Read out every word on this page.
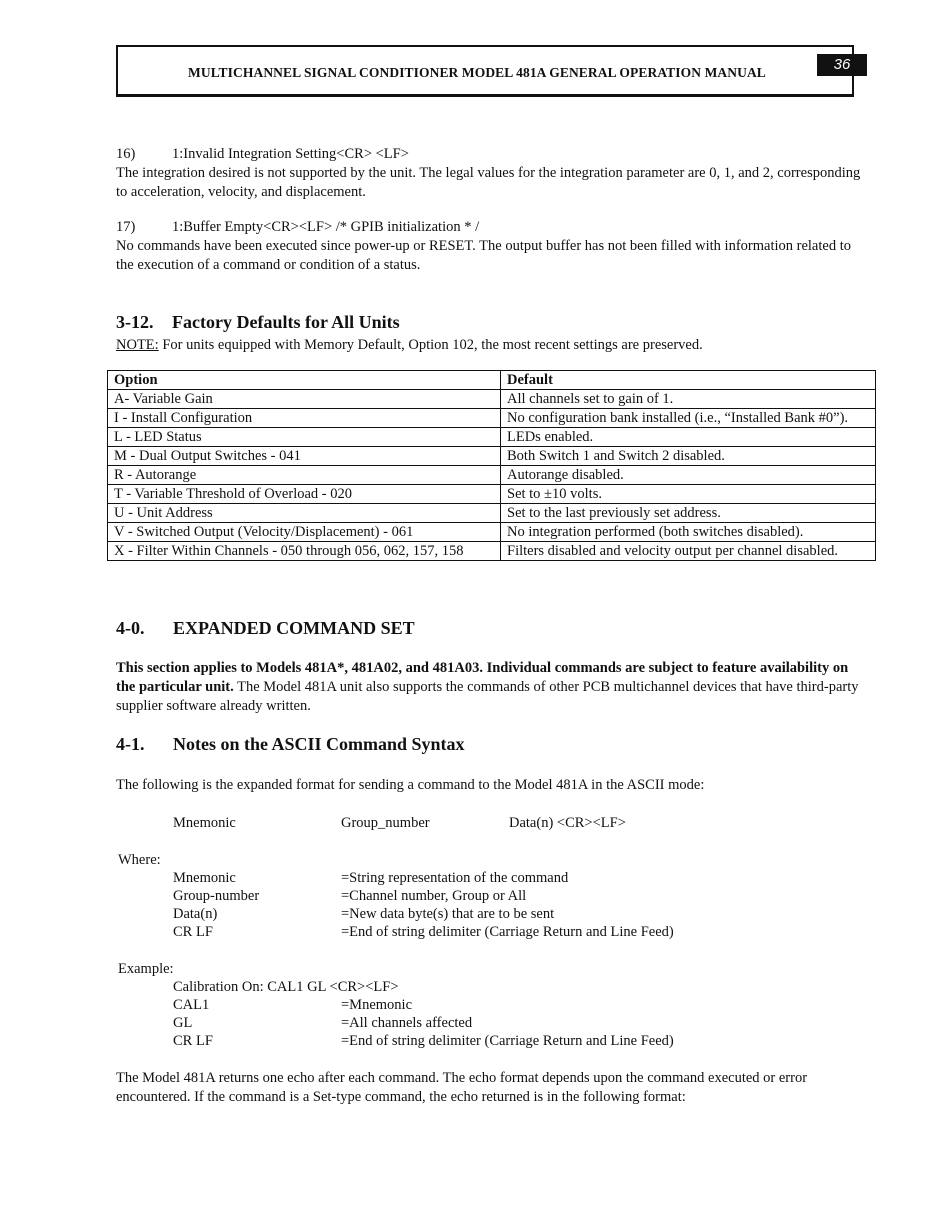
MULTICHANNEL SIGNAL CONDITIONER MODEL 481A GENERAL OPERATION MANUAL	36

16)	1:Invalid Integration Setting<CR> <LF>

The integration desired is not supported by the unit. The legal values for the integration parameter are 0, 1, and 2, corresponding to acceleration, velocity, and displacement.

17)	1:Buffer Empty<CR><LF> /* GPIB initialization * /

No commands have been executed since power-up or RESET. The output buffer has not been filled with information related to the execution of a command or condition of a status.

3-12. Factory Defaults for All Units

NOTE: For units equipped with Memory Default, Option 102, the most recent settings are preserved.

Option	Default
A- Variable Gain	All channels set to gain of 1.
I - Install Configuration	No configuration bank installed (i.e., “Installed Bank #0”).
L - LED Status	LEDs enabled.
M - Dual Output Switches - 041	Both Switch 1 and Switch 2 disabled.
R - Autorange	Autorange disabled.
T - Variable Threshold of Overload - 020	Set to ±10 volts.
U - Unit Address	Set to the last previously set address.
V - Switched Output (Velocity/Displacement) - 061	No integration performed (both switches disabled).
X - Filter Within Channels - 050 through 056, 062, 157, 158	Filters disabled and velocity output per channel disabled.
4-0. EXPANDED COMMAND SET

This section applies to Models 481A*, 481A02, and 481A03. Individual commands are subject to feature availability on the particular unit. The Model 481A unit also supports the commands of other PCB multichannel devices that have third-party supplier software already written.

4-1. Notes on the ASCII Command Syntax
The following is the expanded format for sending a command to the Model 481A in the ASCII mode:
Mnemonic	Group_number	Data(n) <CR><LF>
Where:
Mnemonic	=String representation of the command
Group-number	=Channel number, Group or All
Data(n)	=New data byte(s) that are to be sent
CR LF	=End of string delimiter (Carriage Return and Line Feed)
Example:
Calibration On: CAL1 GL <CR><LF>
CAL1	=Mnemonic
GL	=All channels affected
CR LF	=End of string delimiter (Carriage Return and Line Feed)
The Model 481A returns one echo after each command. The echo format depends upon the command executed or error encountered. If the command is a Set-type command, the echo returned is in the following format:
